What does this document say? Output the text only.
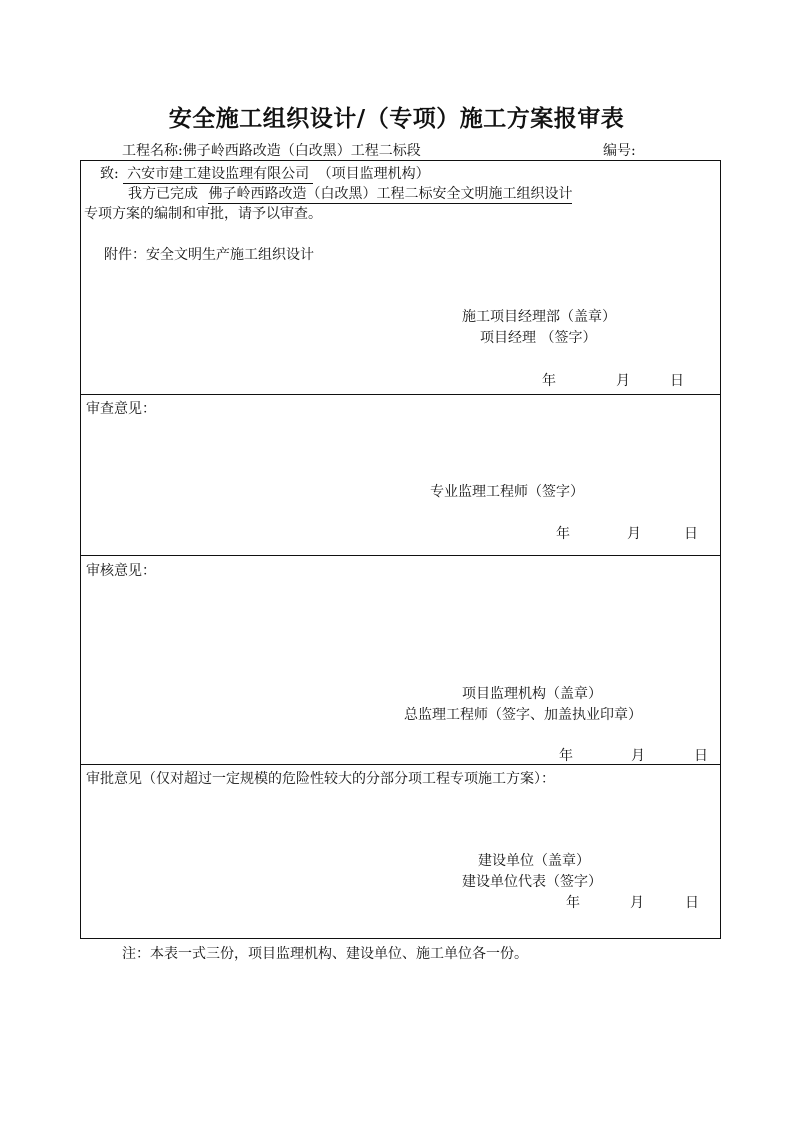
安全施工组织设计/（专项）施工方案报审表
工程名称:佛子岭西路改造（白改黑）工程二标段	编号:
致: 六安市建工建设监理有限公司 （项目监理机构）
我方已完成 佛子岭西路改造（白改黑）工程二标安全文明施工组织设计
专项方案的编制和审批，请予以审查。
附件：安全文明生产施工组织设计
施工项目经理部（盖章）
项目经理 （签字）
年	月	日
审查意见：
专业监理工程师（签字）
年	月	日
审核意见：
项目监理机构（盖章）
总监理工程师（签字、加盖执业印章）
年	月	日
审批意见（仅对超过一定规模的危险性较大的分部分项工程专项施工方案）：
建设单位（盖章）
建设单位代表（签字）
年	月	日
注：本表一式三份，项目监理机构、建设单位、施工单位各一份。
